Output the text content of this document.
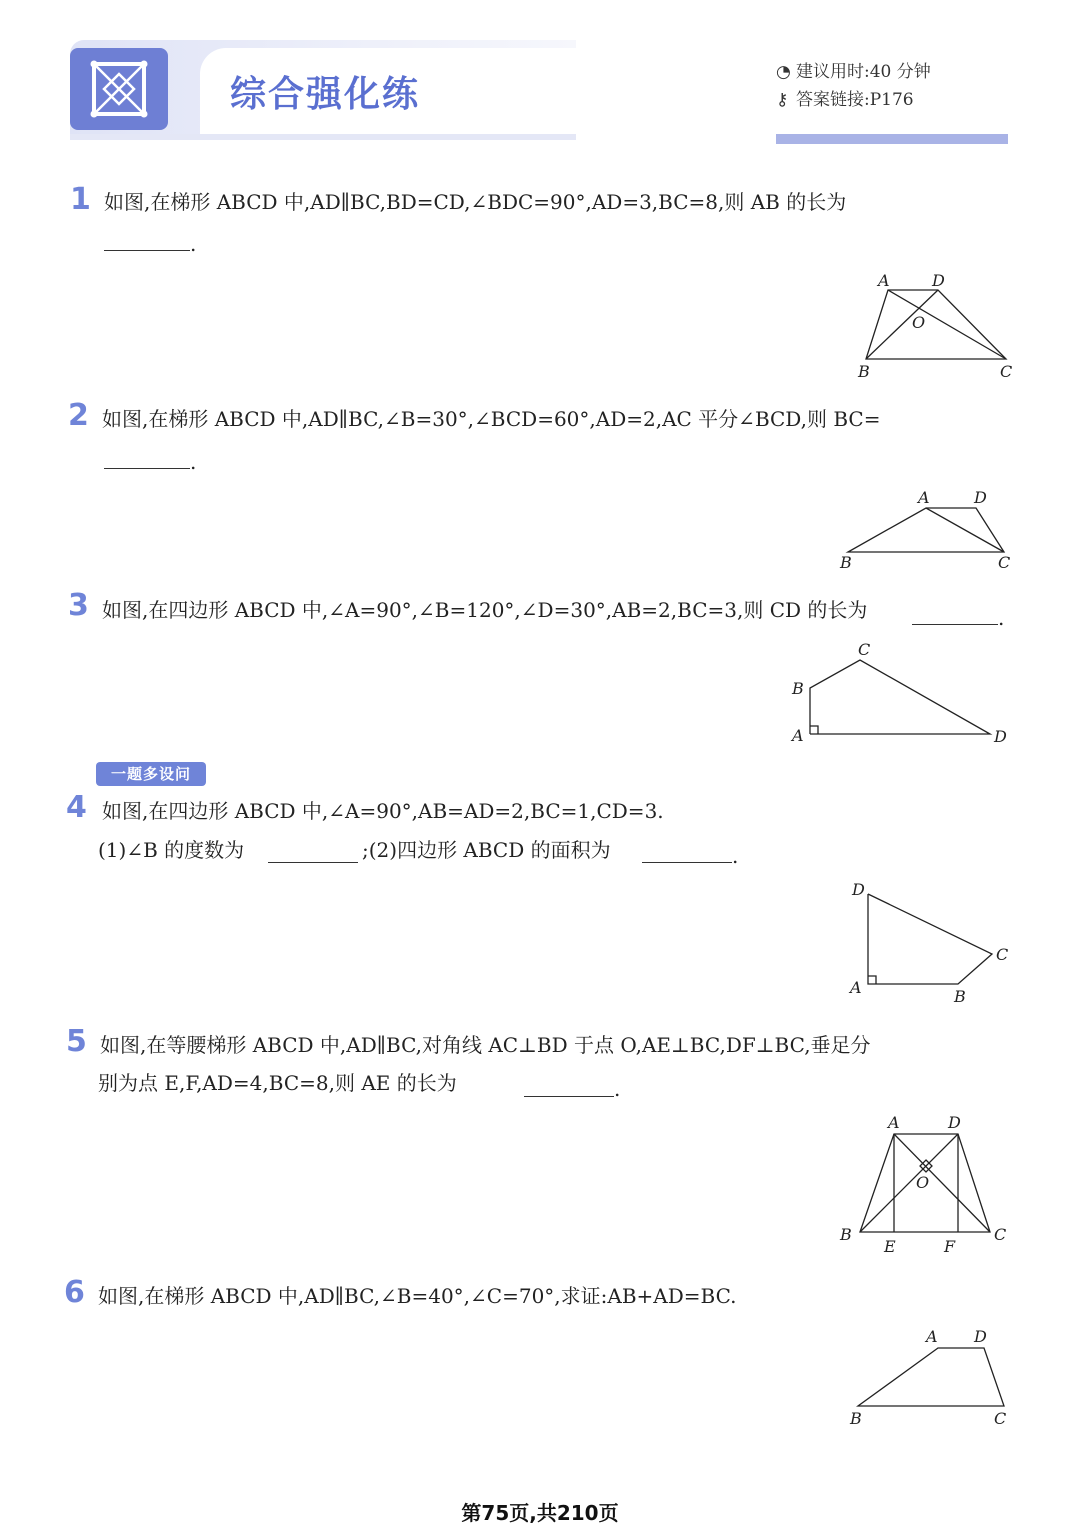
综合强化练
◔ 建议用时:40 分钟
⚷ 答案链接:P176
1 如图,在梯形 ABCD 中,AD∥BC,BD=CD,∠BDC=90°,AD=3,BC=8,则 AB 的长为
.
A	D
O
B	C
2 如图,在梯形 ABCD 中,AD∥BC,∠B=30°,∠BCD=60°,AD=2,AC 平分∠BCD,则 BC=
.
A	D
B	C
3 如图,在四边形 ABCD 中,∠A=90°,∠B=120°,∠D=30°,AB=2,BC=3,则 CD 的长为	.
C
B
A	D
一题多设问
4 如图,在四边形 ABCD 中,∠A=90°,AB=AD=2,BC=1,CD=3.
(1)∠B 的度数为	;(2)四边形 ABCD 的面积为	.
D
C
A	B
5 如图,在等腰梯形 ABCD 中,AD∥BC,对角线 AC⊥BD 于点 O,AE⊥BC,DF⊥BC,垂足分
别为点 E,F,AD=4,BC=8,则 AE 的长为	.
A	D
O
B
E	F
C
6 如图,在梯形 ABCD 中,AD∥BC,∠B=40°,∠C=70°,求证:AB+AD=BC.
A D
B	C
第75页,共210页
